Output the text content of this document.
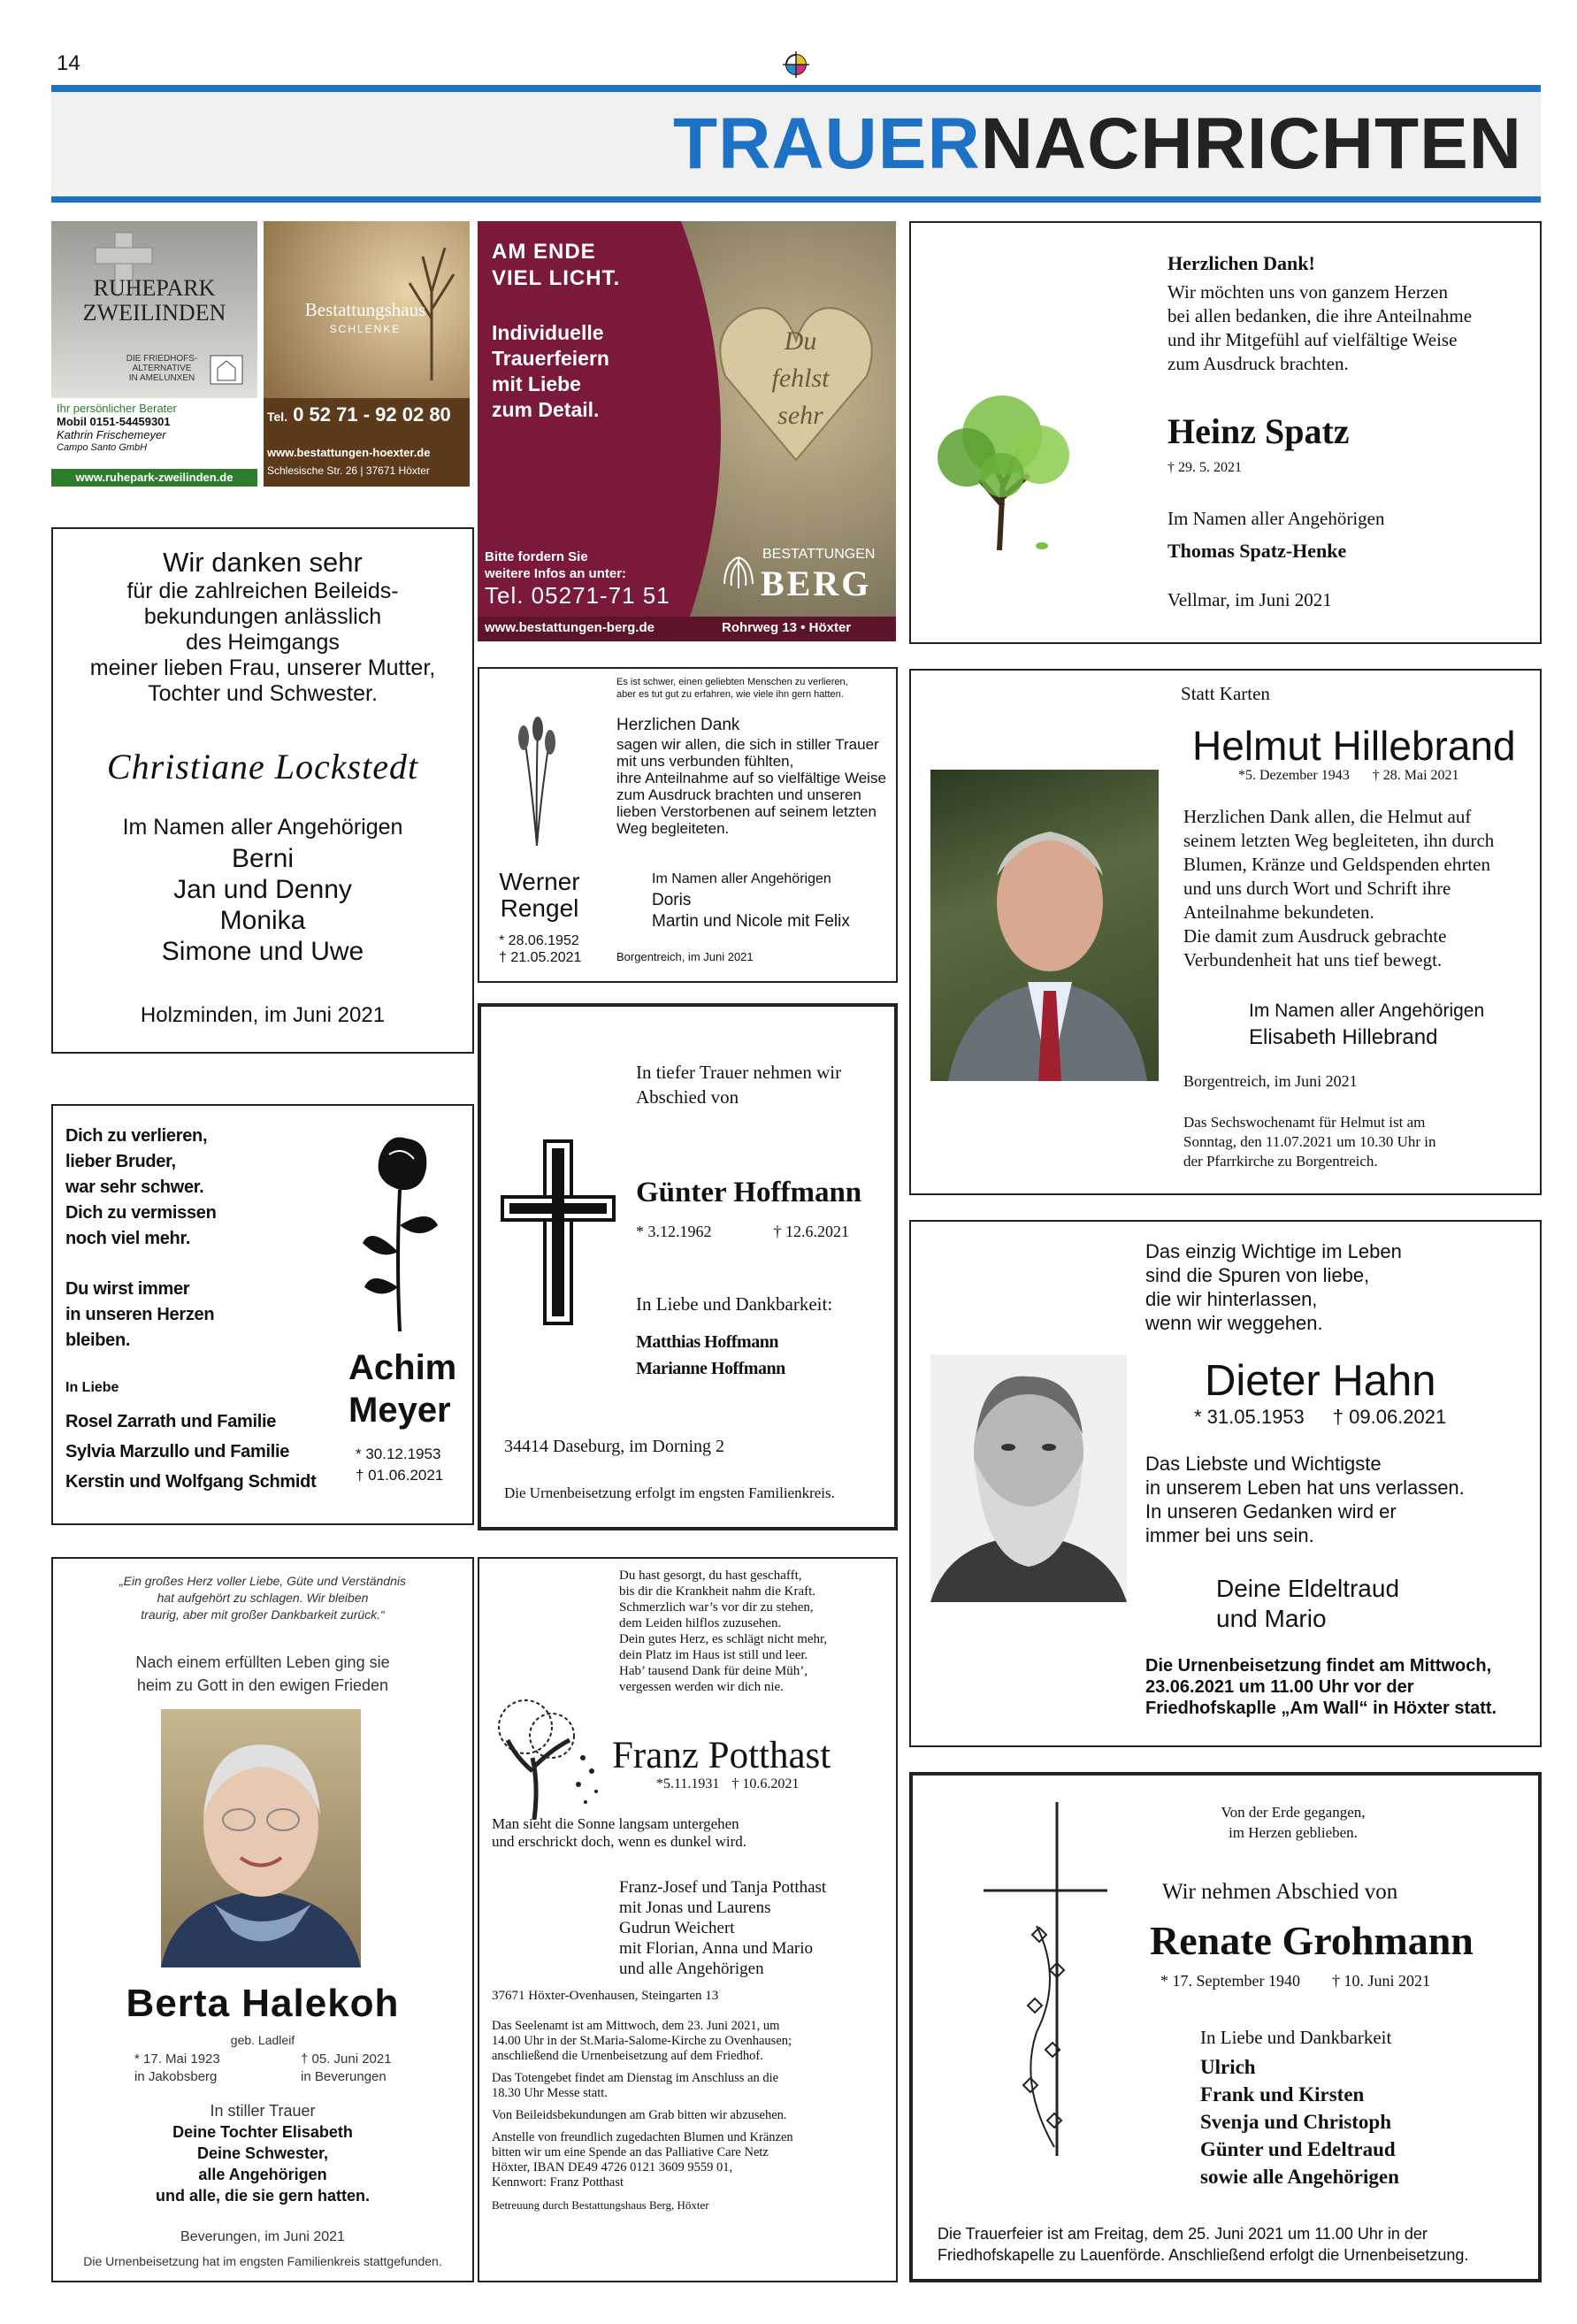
14
TRAUERNACHRICHTEN
RUHEPARK
ZWEILINDEN
DIE FRIEDHOFS-
ALTERNATIVE
IN AMELUNXEN
Ihr persönlicher Berater
Mobil 0151-54459301
Kathrin Frischemeyer
Campo Santo GmbH
www.ruhepark-zweilinden.de
Bestattungshaus
SCHLENKE
Tel. 0 52 71 - 92 02 80
www.bestattungen-hoexter.de
Schlesische Str. 26 | 37671 Höxter
Du
fehlst
sehr
AM ENDE
VIEL LICHT.
Individuelle
Trauerfeiern
mit Liebe
zum Detail.
Bitte fordern Sie
weitere Infos an unter:
Tel. 05271-71 51
BESTATTUNGEN
BERG
www.bestattungen-berg.de	Rohrweg 13 • Höxter
Herzlichen Dank!
Wir möchten uns von ganzem Herzen
bei allen bedanken, die ihre Anteilnahme
und ihr Mitgefühl auf vielfältige Weise
zum Ausdruck brachten.
Heinz Spatz
† 29. 5. 2021
Im Namen aller Angehörigen
Thomas Spatz-Henke
Vellmar, im Juni 2021
Wir danken sehr
für die zahlreichen Beileids-
bekundungen anlässlich
des Heimgangs
meiner lieben Frau, unserer Mutter,
Tochter und Schwester.
Christiane Lockstedt
Im Namen aller Angehörigen
Berni
Jan und Denny
Monika
Simone und Uwe
Holzminden, im Juni 2021
Es ist schwer, einen geliebten Menschen zu verlieren,
aber es tut gut zu erfahren, wie viele ihn gern hatten.
Herzlichen Dank
sagen wir allen, die sich in stiller Trauer
mit uns verbunden fühlten,
ihre Anteilnahme auf so vielfältige Weise
zum Ausdruck brachten und unseren
lieben Verstorbenen auf seinem letzten
Weg begleiteten.
Werner
Rengel
* 28.06.1952
† 21.05.2021
Im Namen aller Angehörigen
Doris
Martin und Nicole mit Felix
Borgentreich, im Juni 2021
Statt Karten
Helmut Hillebrand
*5. Dezember 1943 † 28. Mai 2021
Herzlichen Dank allen, die Helmut auf
seinem letzten Weg begleiteten, ihn durch
Blumen, Kränze und Geldspenden ehrten
und uns durch Wort und Schrift ihre
Anteilnahme bekundeten.
Die damit zum Ausdruck gebrachte
Verbundenheit hat uns tief bewegt.
Im Namen aller Angehörigen
Elisabeth Hillebrand
Borgentreich, im Juni 2021
Das Sechswochenamt für Helmut ist am
Sonntag, den 11.07.2021 um 10.30 Uhr in
der Pfarrkirche zu Borgentreich.
In tiefer Trauer nehmen wir
Abschied von
Günter Hoffmann
* 3.12.1962	† 12.6.2021
In Liebe und Dankbarkeit:
Matthias Hoffmann
Marianne Hoffmann
34414 Daseburg, im Dorning 2
Die Urnenbeisetzung erfolgt im engsten Familienkreis.
Dich zu verlieren,
lieber Bruder,
war sehr schwer.
Dich zu vermissen
noch viel mehr.
Du wirst immer
in unseren Herzen
bleiben.
In Liebe
Rosel Zarrath und Familie
Sylvia Marzullo und Familie
Kerstin und Wolfgang Schmidt
Achim
Meyer
* 30.12.1953
† 01.06.2021
Das einzig Wichtige im Leben
sind die Spuren von liebe,
die wir hinterlassen,
wenn wir weggehen.
Dieter Hahn
* 31.05.1953 † 09.06.2021
Das Liebste und Wichtigste
in unserem Leben hat uns verlassen.
In unseren Gedanken wird er
immer bei uns sein.
Deine Eldeltraud
und Mario
Die Urnenbeisetzung findet am Mittwoch,
23.06.2021 um 11.00 Uhr vor der
Friedhofskaplle „Am Wall“ in Höxter statt.
„Ein großes Herz voller Liebe, Güte und Verständnis
hat aufgehört zu schlagen. Wir bleiben
traurig, aber mit großer Dankbarkeit zurück.“
Nach einem erfüllten Leben ging sie
heim zu Gott in den ewigen Frieden
Berta Halekoh
geb. Ladleif
* 17. Mai 1923
in Jakobsberg
† 05. Juni 2021
in Beverungen
In stiller Trauer
Deine Tochter Elisabeth
Deine Schwester,
alle Angehörigen
und alle, die sie gern hatten.
Beverungen, im Juni 2021
Die Urnenbeisetzung hat im engsten Familienkreis stattgefunden.
Du hast gesorgt, du hast geschafft,
bis dir die Krankheit nahm die Kraft.
Schmerzlich war’s vor dir zu stehen,
dem Leiden hilflos zuzusehen.
Dein gutes Herz, es schlägt nicht mehr,
dein Platz im Haus ist still und leer.
Hab’ tausend Dank für deine Müh’,
vergessen werden wir dich nie.
Franz Potthast
*5.11.1931 † 10.6.2021
Man sieht die Sonne langsam untergehen
und erschrickt doch, wenn es dunkel wird.
Franz-Josef und Tanja Potthast
mit Jonas und Laurens
Gudrun Weichert
mit Florian, Anna und Mario
und alle Angehörigen
37671 Höxter-Ovenhausen, Steingarten 13
Das Seelenamt ist am Mittwoch, dem 23. Juni 2021, um
14.00 Uhr in der St.Maria-Salome-Kirche zu Ovenhausen;
anschließend die Urnenbeisetzung auf dem Friedhof.
Das Totengebet findet am Dienstag im Anschluss an die
18.30 Uhr Messe statt.
Von Beileidsbekundungen am Grab bitten wir abzusehen.
Anstelle von freundlich zugedachten Blumen und Kränzen
bitten wir um eine Spende an das Palliative Care Netz
Höxter, IBAN DE49 4726 0121 3609 9559 01,
Kennwort: Franz Potthast
Betreuung durch Bestattungshaus Berg, Höxter
Von der Erde gegangen,
im Herzen geblieben.
Wir nehmen Abschied von
Renate Grohmann
* 17. September 1940 † 10. Juni 2021
In Liebe und Dankbarkeit
Ulrich
Frank und Kirsten
Svenja und Christoph
Günter und Edeltraud
sowie alle Angehörigen
Die Trauerfeier ist am Freitag, dem 25. Juni 2021 um 11.00 Uhr in der
Friedhofskapelle zu Lauenförde. Anschließend erfolgt die Urnenbeisetzung.
